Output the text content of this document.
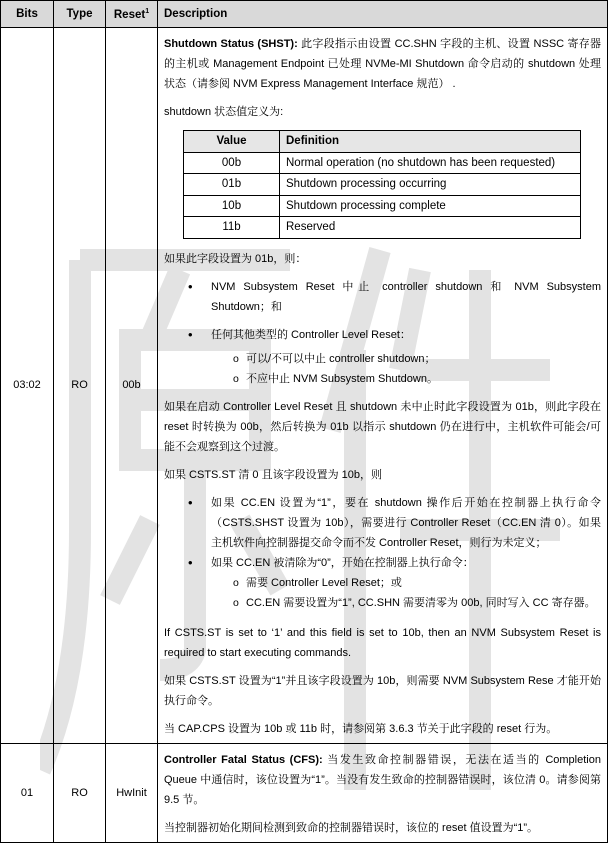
Bits	Type	Reset$^1$	Description
03:02	RO	00b	
Shutdown Status (SHST): 此字段指示由设置 CC.SHN 字段的主机、设置 NSSC 寄存器的主机或 Management Endpoint 已处理 NVMe-MI Shutdown 命令启动的 shutdown 处理状态（请参阅 NVM Express Management Interface 规范） .
shutdown 状态值定义为:
Value	Definition
00b	Normal operation (no shutdown has been requested)
01b	Shutdown processing occurring
10b	Shutdown processing complete
11b	Reserved
如果此字段设置为 01b，则：
• NVM Subsystem Reset 中止 controller shutdown 和 NVM Subsystem Shutdown；和
• 任何其他类型的 Controller Level Reset：
o 可以/不可以中止 controller shutdown；
o 不应中止 NVM Subsystem Shutdown。
如果在启动 Controller Level Reset 且 shutdown 未中止时此字段设置为 01b，则此字段在 reset 时转换为 00b，然后转换为 01b 以指示 shutdown 仍在进行中，主机软件可能会/可能不会观察到这个过渡。
如果 CSTS.ST 清 0 且该字段设置为 10b，则
• 如果 CC.EN 设置为“1”，要在 shutdown 操作后开始在控制器上执行命令（CSTS.SHST 设置为 10b），需要进行 Controller Reset（CC.EN 清 0）。如果主机软件向控制器提交命令而不发 Controller Reset，则行为未定义；
• 如果 CC.EN 被清除为“0”，开始在控制器上执行命令：
o 需要 Controller Level Reset；或
o CC.EN 需要设置为“1”, CC.SHN 需要清零为 00b, 同时写入 CC 寄存器。
If CSTS.ST is set to ‘1’ and this field is set to 10b, then an NVM Subsystem Reset is required to start executing commands.
如果 CSTS.ST 设置为“1”并且该字段设置为 10b，则需要 NVM Subsystem Rese 才能开始执行命令。
当 CAP.CPS 设置为 10b 或 11b 时，请参阅第 3.6.3 节关于此字段的 reset 行为。

01	RO	HwInit	
Controller Fatal Status (CFS): 当发生致命控制器错误，无法在适当的 Completion Queue 中通信时，该位设置为“1”。当没有发生致命的控制器错误时，该位清 0。请参阅第 9.5 节。
当控制器初始化期间检测到致命的控制器错误时，该位的 reset 值设置为“1”。
